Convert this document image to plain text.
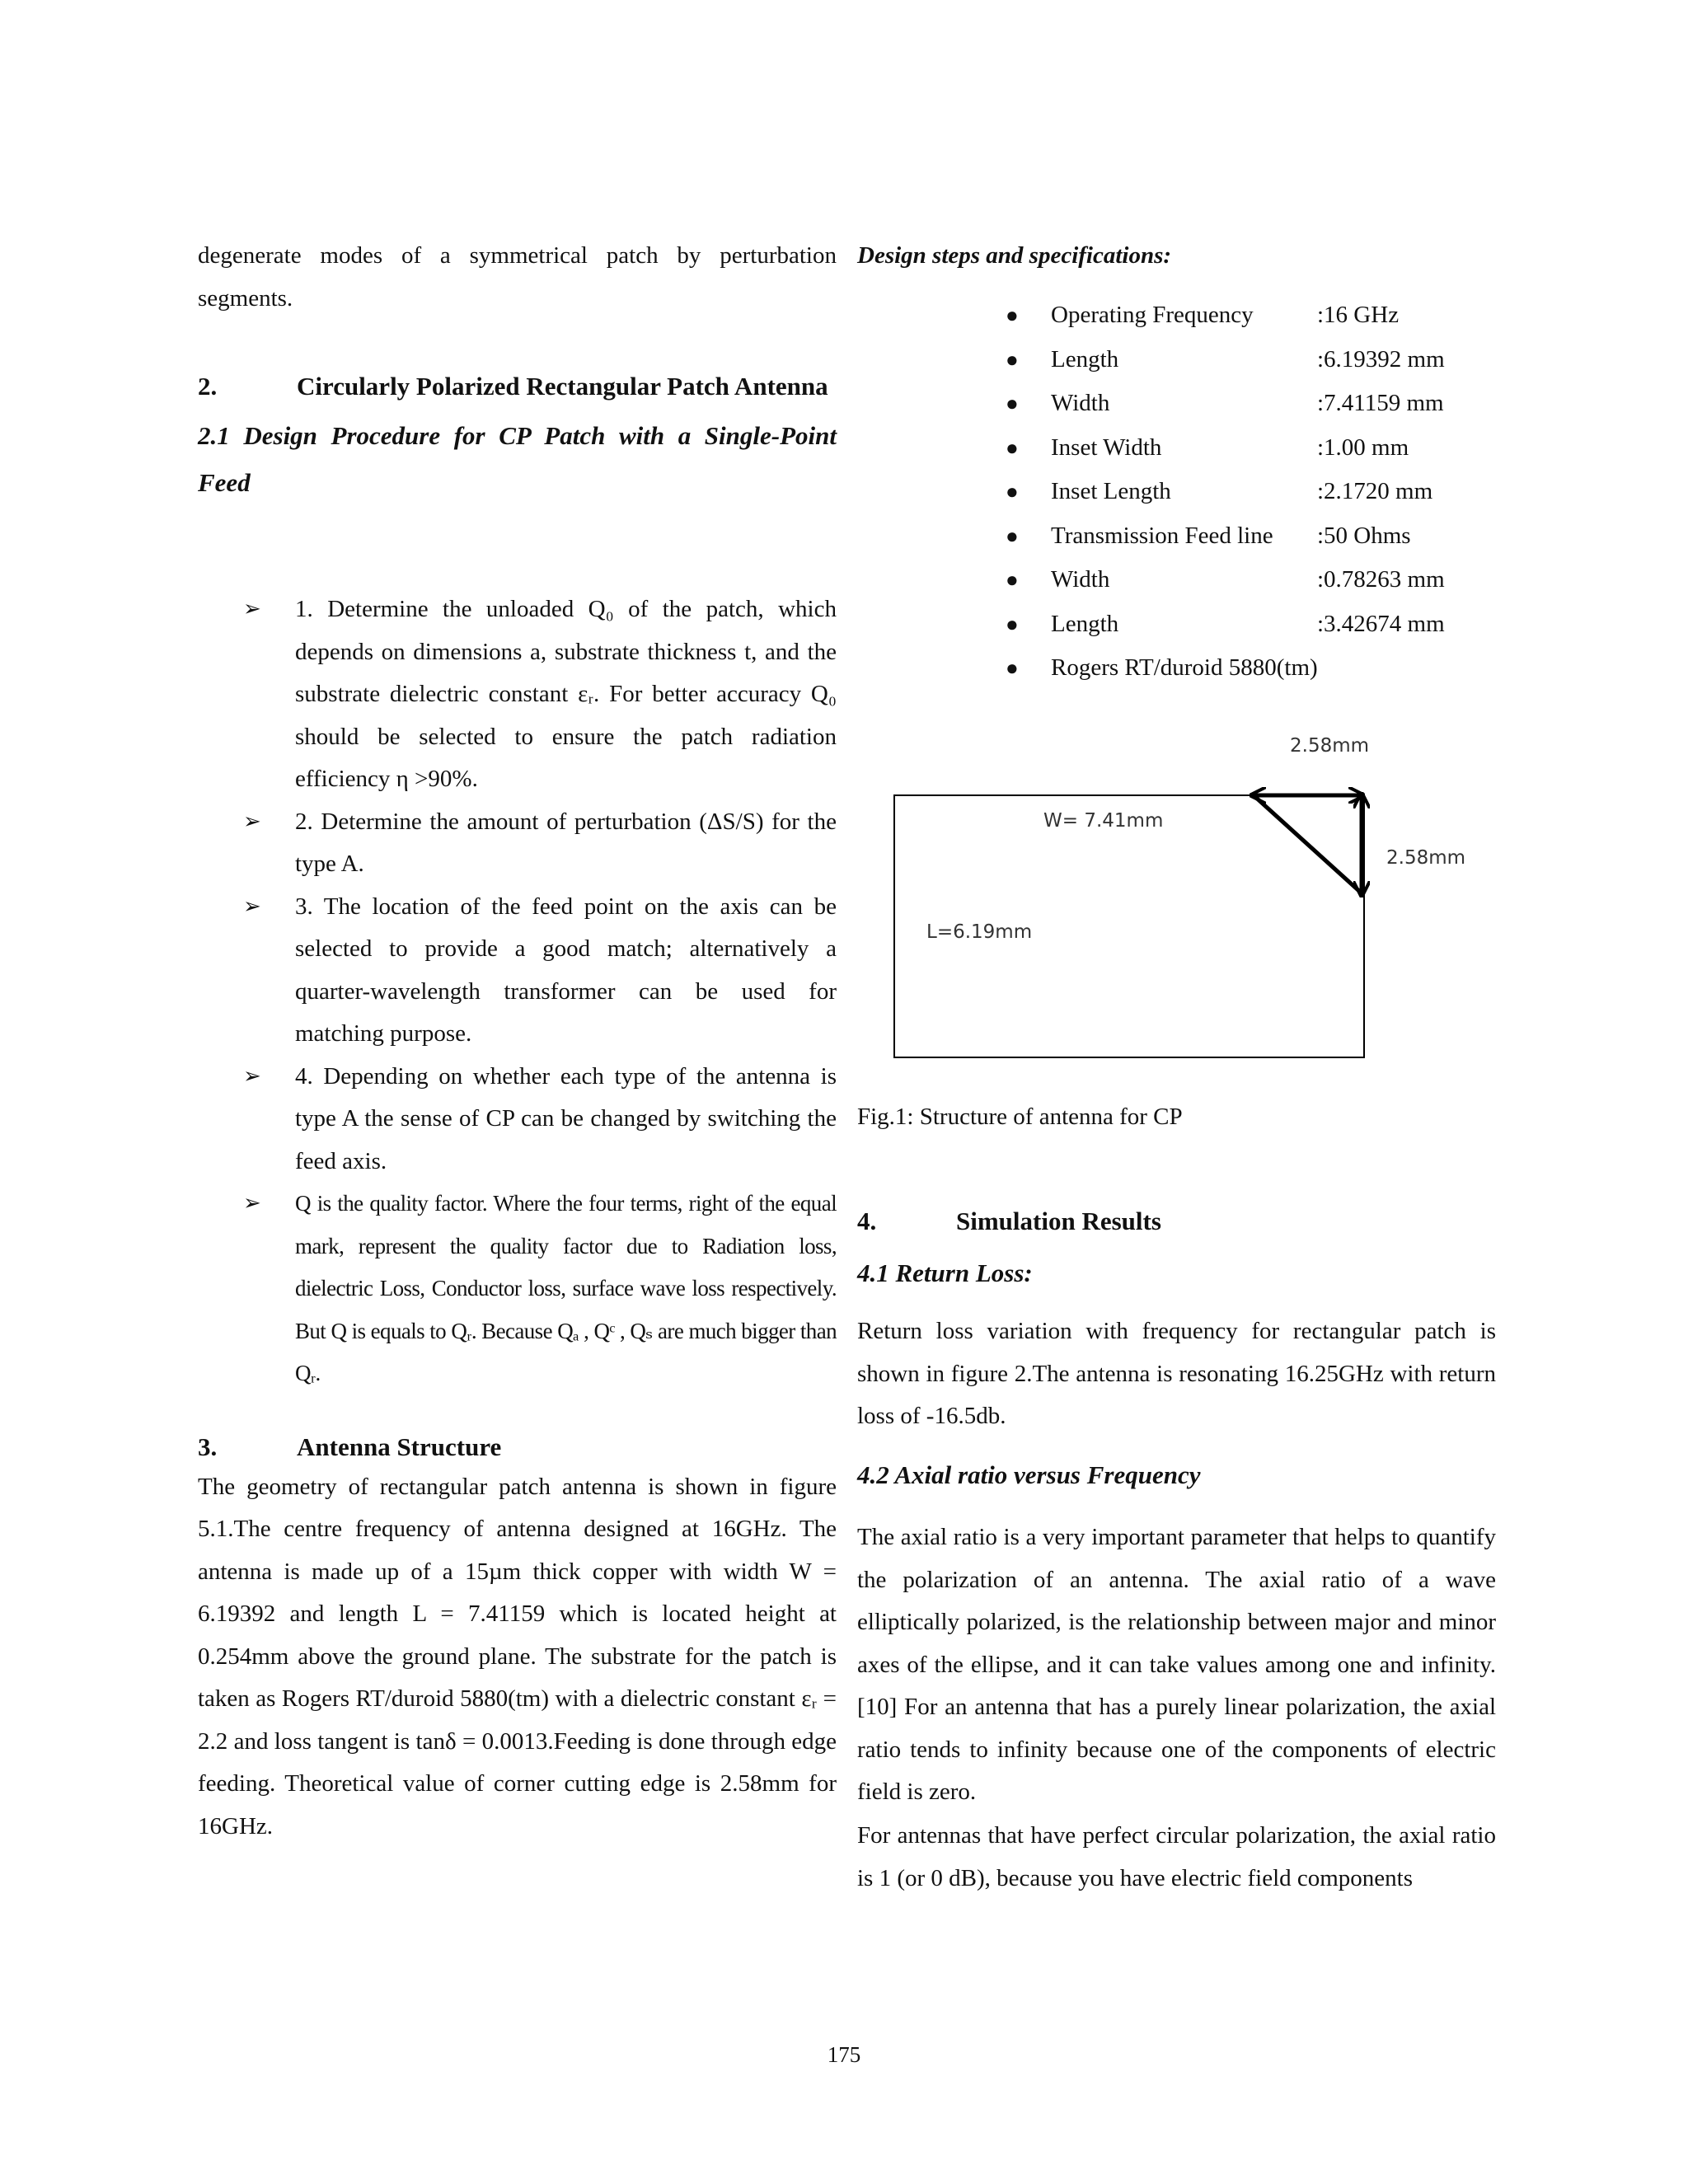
degenerate modes of a symmetrical patch by perturbation segments.

2.	Circularly Polarized Rectangular Patch Antenna

2.1 Design Procedure for CP Patch with a Single-Point Feed

➢ 1. Determine the unloaded Q₀ of the patch, which depends on dimensions a, substrate thickness t, and the substrate dielectric constant εᵣ. For better accuracy Q₀ should be selected to ensure the patch radiation efficiency η >90%.
➢ 2. Determine the amount of perturbation (ΔS/S) for the type A.
➢ 3. The location of the feed point on the axis can be selected to provide a good match; alternatively a quarter-wavelength transformer can be used for matching purpose.
➢ 4. Depending on whether each type of the antenna is type A the sense of CP can be changed by switching the feed axis.
➢ Q is the quality factor. Where the four terms, right of the equal mark, represent the quality factor due to Radiation loss, dielectric Loss, Conductor loss, surface wave loss respectively. But Q is equals to Qᵣ. Because Qₐ , Qᶜ , Qₛ are much bigger than Qᵣ.
3.	Antenna Structure

The geometry of rectangular patch antenna is shown in figure 5.1.The centre frequency of antenna designed at 16GHz. The antenna is made up of a 15µm thick copper with width W = 6.19392 and length L = 7.41159 which is located height at 0.254mm above the ground plane. The substrate for the patch is taken as Rogers RT/duroid 5880(tm) with a dielectric constant εᵣ = 2.2 and loss tangent is tanδ = 0.0013.Feeding is done through edge feeding. Theoretical value of corner cutting edge is 2.58mm for 16GHz.

Design steps and specifications:

● Operating Frequency	:16 GHz
● Length	:6.19392 mm
● Width	:7.41159 mm
● Inset Width	:1.00 mm
● Inset Length	:2.1720 mm
● Transmission Feed line :50 Ohms
● Width	:0.78263 mm
● Length	:3.42674 mm
● Rogers RT/duroid 5880(tm)

Fig.1: Structure of antenna for CP

4.	Simulation Results

4.1 Return Loss:

Return loss variation with frequency for rectangular patch is shown in figure 2.The antenna is resonating 16.25GHz with return loss of -16.5db.

4.2 Axial ratio versus Frequency

The axial ratio is a very important parameter that helps to quantify the polarization of an antenna. The axial ratio of a wave elliptically polarized, is the relationship between major and minor axes of the ellipse, and it can take values among one and infinity.[10] For an antenna that has a purely linear polarization, the axial ratio tends to infinity because one of the components of electric field is zero.

For antennas that have perfect circular polarization, the axial ratio is 1 (or 0 dB), because you have electric field components

2.58mm
2.58mm
W= 7.41mm
L=6.19mm
175
